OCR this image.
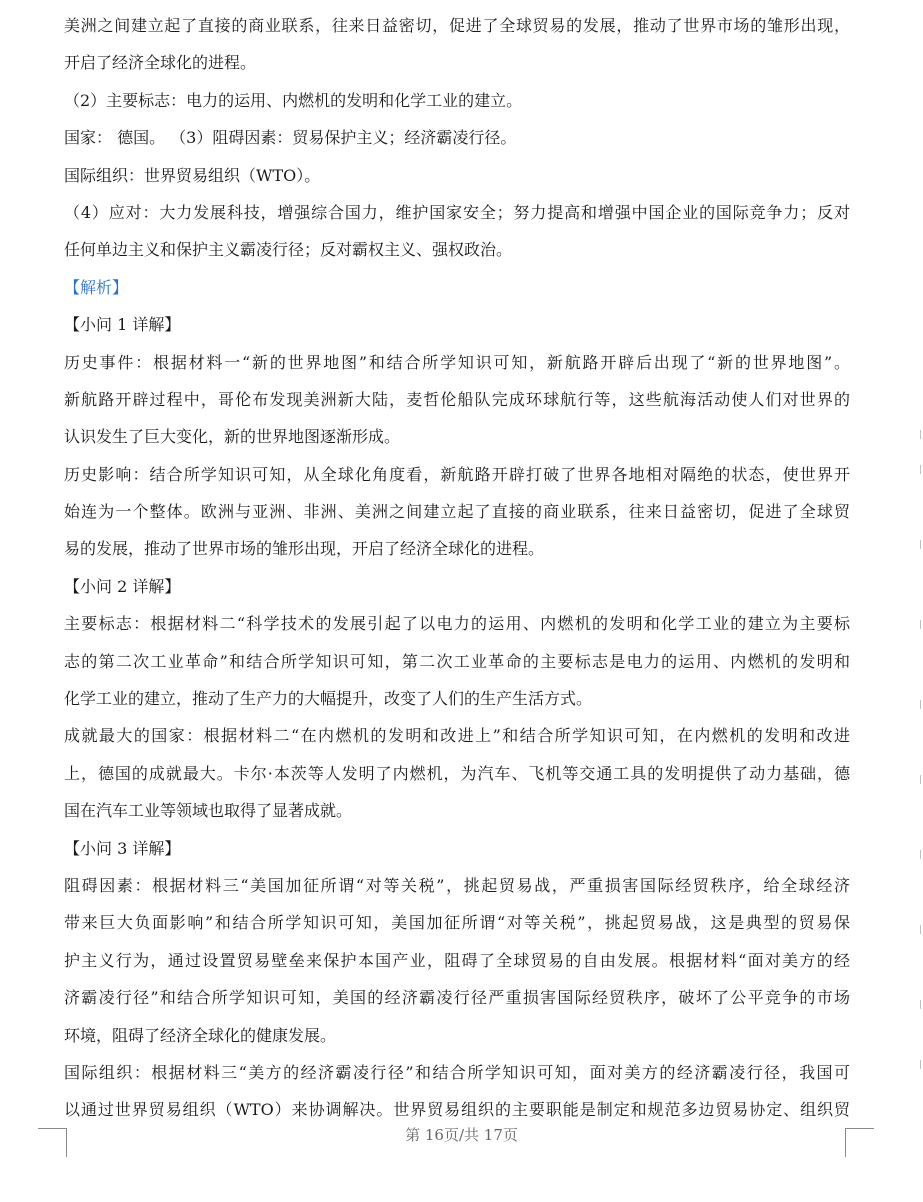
美洲之间建立起了直接的商业联系，往来日益密切，促进了全球贸易的发展，推动了世界市场的雏形出现，
开启了经济全球化的进程。
（2）主要标志：电力的运用、内燃机的发明和化学工业的建立。
国家： 德国。 （3）阻碍因素：贸易保护主义；经济霸凌行径。
国际组织：世界贸易组织（WTO）。
（4）应对：大力发展科技，增强综合国力，维护国家安全；努力提高和增强中国企业的国际竞争力；反对
任何单边主义和保护主义霸凌行径；反对霸权主义、强权政治。
【解析】
【小问 1 详解】
历史事件：根据材料一“新的世界地图”和结合所学知识可知，新航路开辟后出现了“新的世界地图”。
新航路开辟过程中，哥伦布发现美洲新大陆，麦哲伦船队完成环球航行等，这些航海活动使人们对世界的
认识发生了巨大变化，新的世界地图逐渐形成。
历史影响：结合所学知识可知，从全球化角度看，新航路开辟打破了世界各地相对隔绝的状态，使世界开
始连为一个整体。欧洲与亚洲、非洲、美洲之间建立起了直接的商业联系，往来日益密切，促进了全球贸
易的发展，推动了世界市场的雏形出现，开启了经济全球化的进程。
【小问 2 详解】
主要标志：根据材料二“科学技术的发展引起了以电力的运用、内燃机的发明和化学工业的建立为主要标
志的第二次工业革命”和结合所学知识可知，第二次工业革命的主要标志是电力的运用、内燃机的发明和
化学工业的建立，推动了生产力的大幅提升，改变了人们的生产生活方式。
成就最大的国家：根据材料二“在内燃机的发明和改进上”和结合所学知识可知，在内燃机的发明和改进
上，德国的成就最大。卡尔·本茨等人发明了内燃机，为汽车、飞机等交通工具的发明提供了动力基础，德
国在汽车工业等领域也取得了显著成就。
【小问 3 详解】
阻碍因素：根据材料三“美国加征所谓“对等关税”，挑起贸易战，严重损害国际经贸秩序，给全球经济
带来巨大负面影响”和结合所学知识可知，美国加征所谓“对等关税”，挑起贸易战，这是典型的贸易保
护主义行为，通过设置贸易壁垒来保护本国产业，阻碍了全球贸易的自由发展。根据材料“面对美方的经
济霸凌行径”和结合所学知识可知，美国的经济霸凌行径严重损害国际经贸秩序，破坏了公平竞争的市场
环境，阻碍了经济全球化的健康发展。
国际组织：根据材料三“美方的经济霸凌行径”和结合所学知识可知，面对美方的经济霸凌行径，我国可
以通过世界贸易组织（WTO）来协调解决。世界贸易组织的主要职能是制定和规范多边贸易协定、组织贸
第 16页/共 17页
